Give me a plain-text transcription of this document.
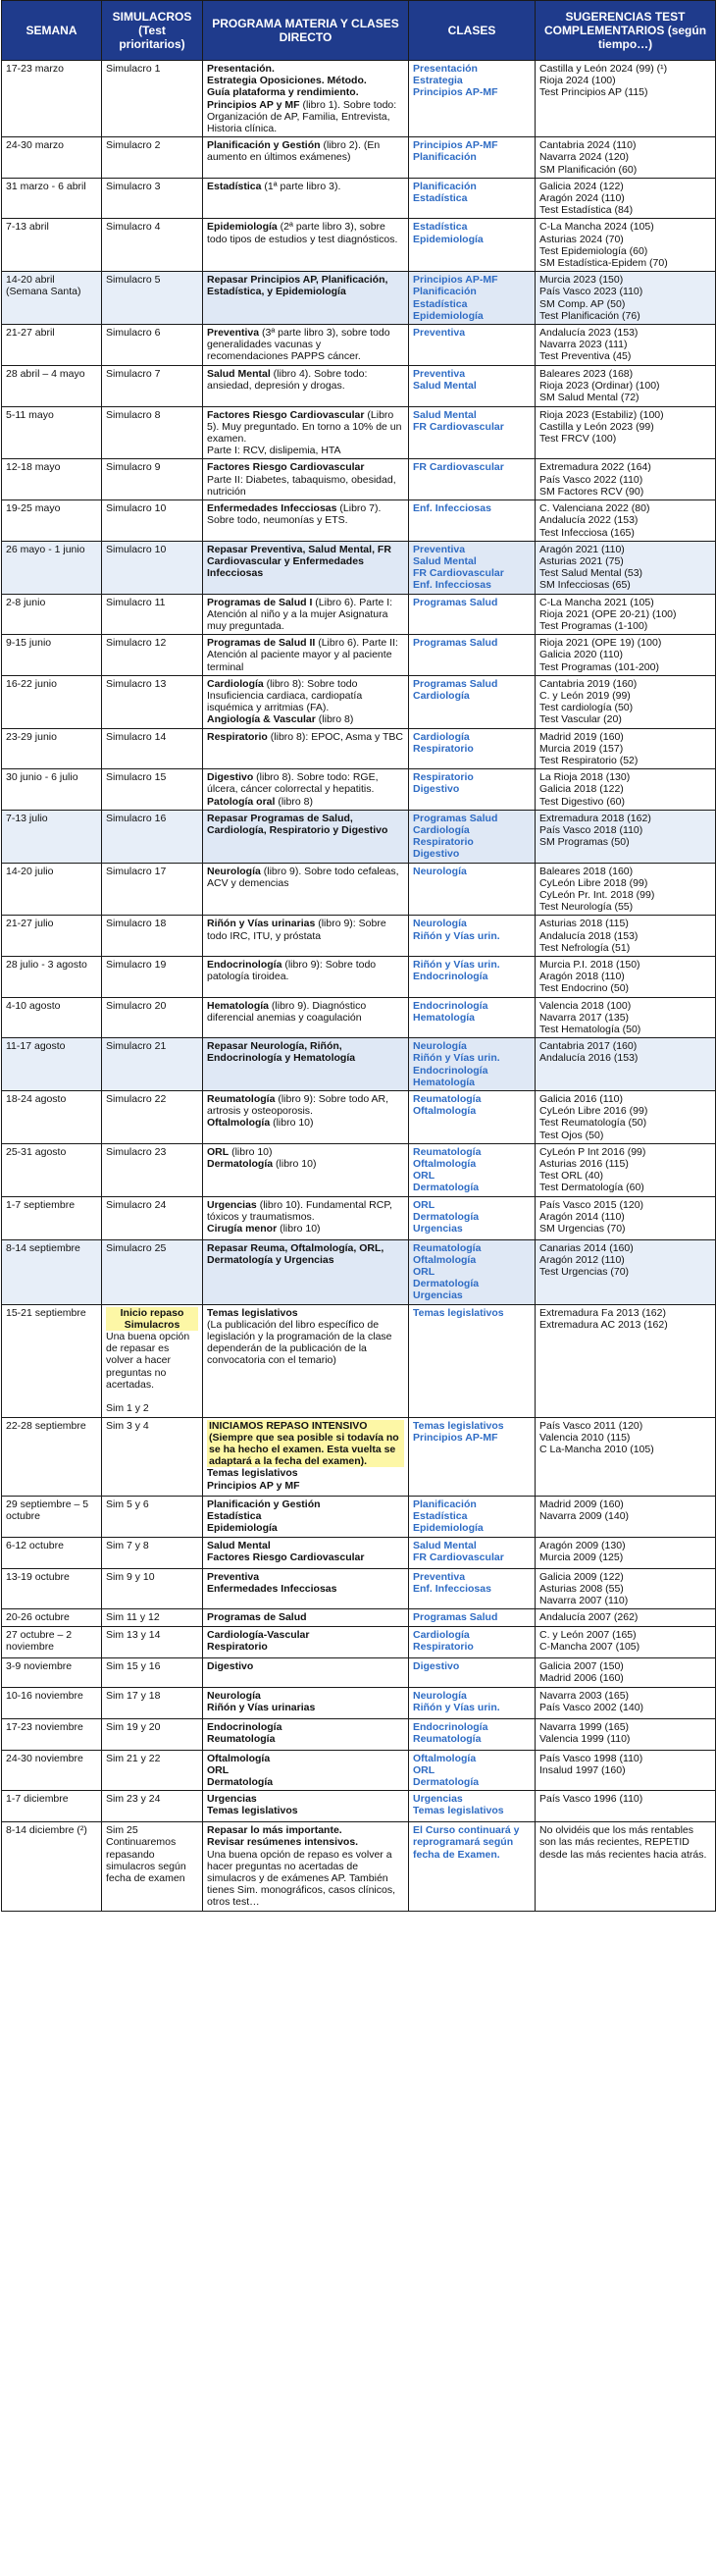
SEMANA	SIMULACROS (Test prioritarios)	PROGRAMA MATERIA Y CLASES DIRECTO	CLASES	SUGERENCIAS TEST COMPLEMENTARIOS (según tiempo…)

17-23 marzo	Simulacro 1	Presentación.
Estrategia Oposiciones. Método.
Guía plataforma y rendimiento.
Principios AP y MF (libro 1). Sobre todo: Organización de AP, Familia, Entrevista, Historia clínica.	Presentación
Estrategia
Principios AP-MF	Castilla y León 2024 (99) (¹)
Rioja 2024 (100)
Test Principios AP (115)

24-30 marzo	Simulacro 2	Planificación y Gestión (libro 2). (En aumento en últimos exámenes)	Principios AP-MF
Planificación	Cantabria 2024 (110)
Navarra 2024 (120)
SM Planificación (60)

31 marzo - 6 abril	Simulacro 3	Estadística (1ª parte libro 3).	Planificación
Estadística	Galicia 2024 (122)
Aragón 2024 (110)
Test Estadística (84)

7-13 abril	Simulacro 4	Epidemiología (2ª parte libro 3), sobre todo tipos de estudios y test diagnósticos.	Estadística
Epidemiología	C-La Mancha 2024 (105)
Asturias 2024 (70)
Test Epidemiología (60)
SM Estadística-Epidem (70)

14-20 abril (Semana Santa)	Simulacro 5	Repasar Principios AP, Planificación, Estadística, y Epidemiología	Principios AP-MF
Planificación
Estadística
Epidemiología	Murcia 2023 (150)
País Vasco 2023 (110)
SM Comp. AP (50)
Test Planificación (76)

21-27 abril	Simulacro 6	Preventiva (3ª parte libro 3), sobre todo generalidades vacunas y recomendaciones PAPPS cáncer.	Preventiva	Andalucía 2023 (153)
Navarra 2023 (111)
Test Preventiva (45)

28 abril – 4 mayo	Simulacro 7	Salud Mental (libro 4). Sobre todo: ansiedad, depresión y drogas.	Preventiva
Salud Mental	Baleares 2023 (168)
Rioja 2023 (Ordinar) (100)
SM Salud Mental (72)

5-11 mayo	Simulacro 8	Factores Riesgo Cardiovascular (Libro 5). Muy preguntado. En torno a 10% de un examen.
Parte I: RCV, dislipemia, HTA	Salud Mental
FR Cardiovascular	Rioja 2023 (Estabiliz) (100)
Castilla y León 2023 (99)
Test FRCV (100)

12-18 mayo	Simulacro 9	Factores Riesgo Cardiovascular
Parte II: Diabetes, tabaquismo, obesidad, nutrición	FR Cardiovascular	Extremadura 2022 (164)
País Vasco 2022 (110)
SM Factores RCV (90)

19-25 mayo	Simulacro 10	Enfermedades Infecciosas (Libro 7). Sobre todo, neumonías y ETS.	Enf. Infecciosas	C. Valenciana 2022 (80)
Andalucía 2022 (153)
Test Infecciosa (165)

26 mayo - 1 junio	Simulacro 10	Repasar Preventiva, Salud Mental, FR Cardiovascular y Enfermedades Infecciosas	Preventiva
Salud Mental
FR Cardiovascular
Enf. Infecciosas	Aragón 2021 (110)
Asturias 2021 (75)
Test Salud Mental (53)
SM Infecciosas (65)

2-8 junio	Simulacro 11	Programas de Salud I (Libro 6). Parte I: Atención al niño y a la mujer Asignatura muy preguntada.	Programas Salud	C-La Mancha 2021 (105)
Rioja 2021 (OPE 20-21) (100)
Test Programas (1-100)

9-15 junio	Simulacro 12	Programas de Salud II (Libro 6). Parte II: Atención al paciente mayor y al paciente terminal	Programas Salud	Rioja 2021 (OPE 19) (100)
Galicia 2020 (110)
Test Programas (101-200)

16-22 junio	Simulacro 13	Cardiología (libro 8): Sobre todo Insuficiencia cardiaca, cardiopatía isquémica y arritmias (FA).
Angiología & Vascular (libro 8)	Programas Salud
Cardiología	Cantabria 2019 (160)
C. y León 2019 (99)
Test cardiología (50)
Test Vascular (20)

23-29 junio	Simulacro 14	Respiratorio (libro 8): EPOC, Asma y TBC	Cardiología
Respiratorio	Madrid 2019 (160)
Murcia 2019 (157)
Test Respiratorio (52)

30 junio - 6 julio	Simulacro 15	Digestivo (libro 8). Sobre todo: RGE, úlcera, cáncer colorrectal y hepatitis.
Patología oral (libro 8)	Respiratorio
Digestivo	La Rioja 2018 (130)
Galicia 2018 (122)
Test Digestivo (60)

7-13 julio	Simulacro 16	Repasar Programas de Salud, Cardiología, Respiratorio y Digestivo	Programas Salud
Cardiología
Respiratorio
Digestivo	Extremadura 2018 (162)
País Vasco 2018 (110)
SM Programas (50)

14-20 julio	Simulacro 17	Neurología (libro 9). Sobre todo cefaleas, ACV y demencias	Neurología	Baleares 2018 (160)
CyLeón Libre 2018 (99)
CyLeón Pr. Int. 2018 (99)
Test Neurología (55)

21-27 julio	Simulacro 18	Riñón y Vías urinarias (libro 9): Sobre todo IRC, ITU, y próstata	Neurología
Riñón y Vías urin.	Asturias 2018 (115)
Andalucía 2018 (153)
Test Nefrología (51)

28 julio - 3 agosto	Simulacro 19	Endocrinología (libro 9): Sobre todo patología tiroidea.	Riñón y Vías urin.
Endocrinología	Murcia P.I. 2018 (150)
Aragón 2018 (110)
Test Endocrino (50)

4-10 agosto	Simulacro 20	Hematología (libro 9). Diagnóstico diferencial anemias y coagulación	Endocrinología
Hematología	Valencia 2018 (100)
Navarra 2017 (135)
Test Hematología (50)

11-17 agosto	Simulacro 21	Repasar Neurología, Riñón, Endocrinología y Hematología	Neurología
Riñón y Vías urin.
Endocrinología
Hematología	Cantabria 2017 (160)
Andalucía 2016 (153)

18-24 agosto	Simulacro 22	Reumatología (libro 9): Sobre todo AR, artrosis y osteoporosis.
Oftalmología (libro 10)	Reumatología
Oftalmología	Galicia 2016 (110)
CyLeón Libre 2016 (99)
Test Reumatología (50)
Test Ojos (50)

25-31 agosto	Simulacro 23	ORL (libro 10)
Dermatología (libro 10)	Reumatología
Oftalmología
ORL
Dermatología	CyLeón P Int 2016 (99)
Asturias 2016 (115)
Test ORL (40)
Test Dermatología (60)

1-7 septiembre	Simulacro 24	Urgencias (libro 10). Fundamental RCP, tóxicos y traumatismos.
Cirugía menor (libro 10)	ORL
Dermatología
Urgencias	País Vasco 2015 (120)
Aragón 2014 (110)
SM Urgencias (70)

8-14 septiembre	Simulacro 25	Repasar Reuma, Oftalmología, ORL, Dermatología y Urgencias	Reumatología
Oftalmología
ORL
Dermatología
Urgencias	Canarias 2014 (160)
Aragón 2012 (110)
Test Urgencias (70)

15-21 septiembre	Inicio repaso Simulacros
Una buena opción de repasar es volver a hacer preguntas no acertadas.

Sim 1 y 2	Temas legislativos
(La publicación del libro específico de legislación y la programación de la clase dependerán de la publicación de la convocatoria con el temario)	Temas legislativos	Extremadura Fa 2013 (162)
Extremadura AC 2013 (162)

22-28 septiembre	Sim 3 y 4	INICIAMOS REPASO INTENSIVO
(Siempre que sea posible si todavía no se ha hecho el examen. Esta vuelta se adaptará a la fecha del examen).
Temas legislativos
Principios AP y MF	Temas legislativos
Principios AP-MF	País Vasco 2011 (120)
Valencia 2010 (115)
C La-Mancha 2010 (105)

29 septiembre – 5 octubre	Sim 5 y 6	Planificación y Gestión
Estadística
Epidemiología	Planificación
Estadística
Epidemiología	Madrid 2009 (160)
Navarra 2009 (140)

6-12 octubre	Sim 7 y 8	Salud Mental
Factores Riesgo Cardiovascular	Salud Mental
FR Cardiovascular	Aragón 2009 (130)
Murcia 2009 (125)

13-19 octubre	Sim 9 y 10	Preventiva
Enfermedades Infecciosas	Preventiva
Enf. Infecciosas	Galicia 2009 (122)
Asturias 2008 (55)
Navarra 2007 (110)

20-26 octubre	Sim 11 y 12	Programas de Salud	Programas Salud	Andalucía 2007 (262)

27 octubre – 2 noviembre	Sim 13 y 14	Cardiología-Vascular
Respiratorio	Cardiología
Respiratorio	C. y León 2007 (165)
C-Mancha 2007 (105)

3-9 noviembre	Sim 15 y 16	Digestivo	Digestivo	Galicia 2007 (150)
Madrid 2006 (160)

10-16 noviembre	Sim 17 y 18	Neurología
Riñón y Vías urinarias	Neurología
Riñón y Vías urin.	Navarra 2003 (165)
País Vasco 2002 (140)

17-23 noviembre	Sim 19 y 20	Endocrinología
Reumatología	Endocrinología
Reumatología	Navarra 1999 (165)
Valencia 1999 (110)

24-30 noviembre	Sim 21 y 22	Oftalmología
ORL
Dermatología	Oftalmología
ORL
Dermatología	País Vasco 1998 (110)
Insalud 1997 (160)

1-7 diciembre	Sim 23 y 24	Urgencias
Temas legislativos	Urgencias
Temas legislativos	País Vasco 1996 (110)

8-14 diciembre (²)	Sim 25
Continuaremos repasando simulacros según fecha de examen	Repasar lo más importante.
Revisar resúmenes intensivos.
Una buena opción de repaso es volver a hacer preguntas no acertadas de simulacros y de exámenes AP. También tienes Sim. monográficos, casos clínicos, otros test…	El Curso continuará y reprogramará según fecha de Examen.	No olvidéis que los más rentables son las más recientes, REPETID desde las más recientes hacia atrás.
